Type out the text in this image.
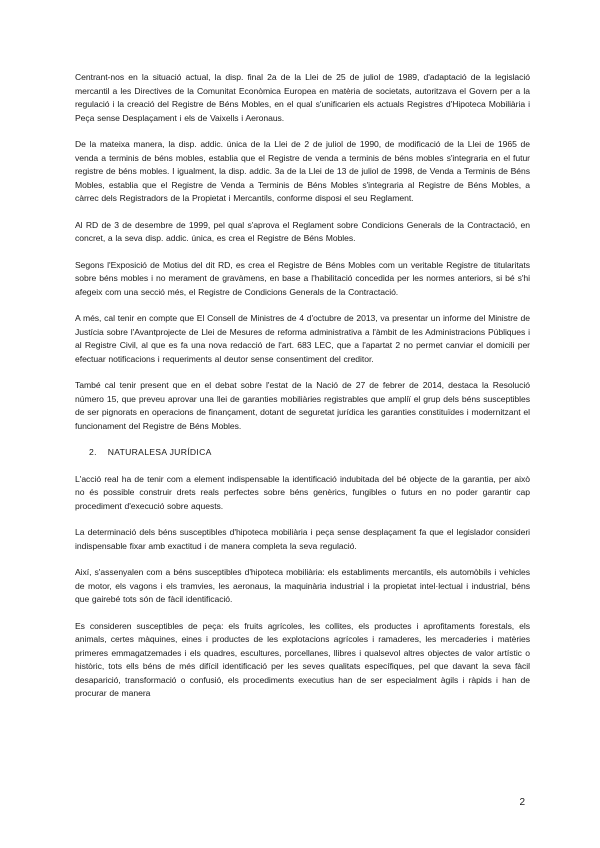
Centrant-nos en la situació actual, la disp. final 2a de la Llei de 25 de juliol de 1989, d'adaptació de la legislació mercantil a les Directives de la Comunitat Econòmica Europea en matèria de societats, autoritzava el Govern per a la regulació i la creació del Registre de Béns Mobles, en el qual s'unificarien els actuals Registres d'Hipoteca Mobiliària i Peça sense Desplaçament i els de Vaixells i Aeronaus.

De la mateixa manera, la disp. addic. única de la Llei de 2 de juliol de 1990, de modificació de la Llei de 1965 de venda a terminis de béns mobles, establia que el Registre de venda a terminis de béns mobles s'integraria en el futur registre de béns mobles. I igualment, la disp. addic. 3a de la Llei de 13 de juliol de 1998, de Venda a Terminis de Béns Mobles, establia que el Registre de Venda a Terminis de Béns Mobles s'integraria al Registre de Béns Mobles, a càrrec dels Registradors de la Propietat i Mercantils, conforme disposi el seu Reglament.

Al RD de 3 de desembre de 1999, pel qual s'aprova el Reglament sobre Condicions Generals de la Contractació, en concret, a la seva disp. addic. única, es crea el Registre de Béns Mobles.

Segons l'Exposició de Motius del dit RD, es crea el Registre de Béns Mobles com un veritable Registre de titularitats sobre béns mobles i no merament de gravàmens, en base a l'habilitació concedida per les normes anteriors, si bé s'hi afegeix com una secció més, el Registre de Condicions Generals de la Contractació.

A més, cal tenir en compte que El Consell de Ministres de 4 d'octubre de 2013, va presentar un informe del Ministre de Justícia sobre l'Avantprojecte de Llei de Mesures de reforma administrativa a l'àmbit de les Administracions Públiques i al Registre Civil, al que es fa una nova redacció de l'art. 683 LEC, que a l'apartat 2 no permet canviar el domicili per efectuar notificacions i requeriments al deutor sense consentiment del creditor.

També cal tenir present que en el debat sobre l'estat de la Nació de 27 de febrer de 2014, destaca la Resolució número 15, que preveu aprovar una llei de garanties mobiliàries registrables que ampliï el grup dels béns susceptibles de ser pignorats en operacions de finançament, dotant de seguretat jurídica les garanties constituïdes i modernitzant el funcionament del Registre de Béns Mobles.

2. NATURALESA JURÍDICA

L'acció real ha de tenir com a element indispensable la identificació indubitada del bé objecte de la garantia, per això no és possible construir drets reals perfectes sobre béns genèrics, fungibles o futurs en no poder garantir cap procediment d'execució sobre aquests.

La determinació dels béns susceptibles d'hipoteca mobiliària i peça sense desplaçament fa que el legislador consideri indispensable fixar amb exactitud i de manera completa la seva regulació.

Així, s'assenyalen com a béns susceptibles d'hipoteca mobiliària: els establiments mercantils, els automòbils i vehicles de motor, els vagons i els tramvies, les aeronaus, la maquinària industrial i la propietat intel·lectual i industrial, béns que gairebé tots són de fàcil identificació.

Es consideren susceptibles de peça: els fruits agrícoles, les collites, els productes i aprofitaments forestals, els animals, certes màquines, eines i productes de les explotacions agrícoles i ramaderes, les mercaderies i matèries primeres emmagatzemades i els quadres, escultures, porcellanes, llibres i qualsevol altres objectes de valor artístic o històric, tots ells béns de més difícil identificació per les seves qualitats específiques, pel que davant la seva fàcil desaparició, transformació o confusió, els procediments executius han de ser especialment àgils i ràpids i han de procurar de manera

2
